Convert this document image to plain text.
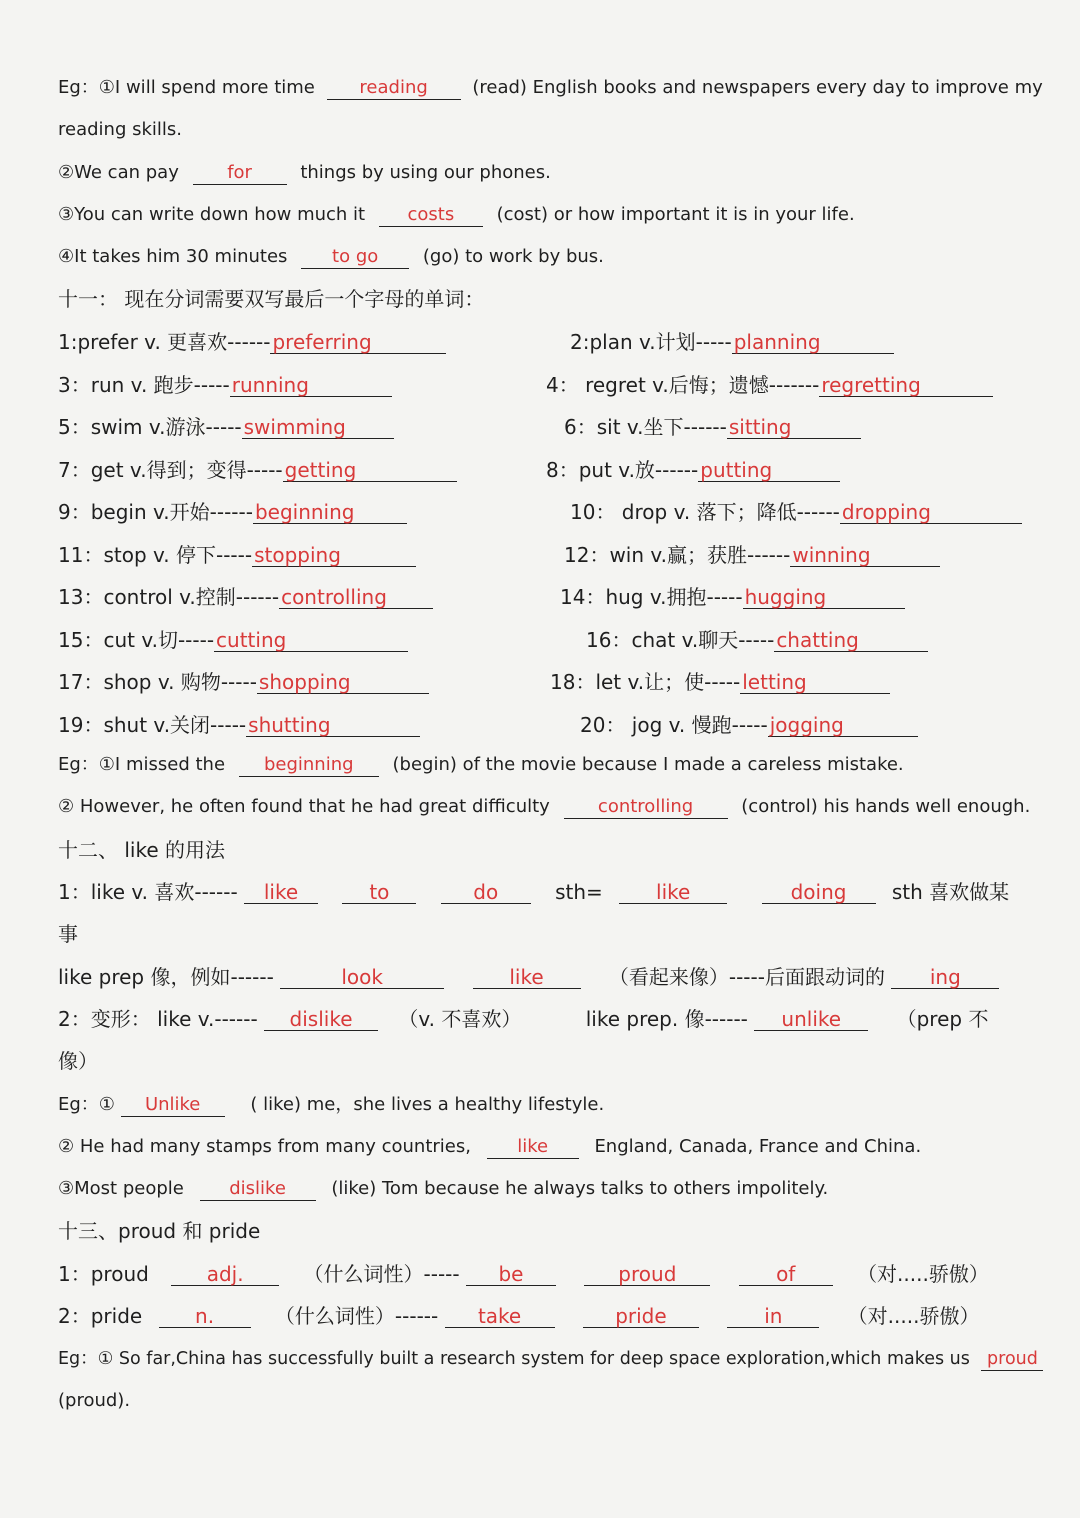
Eg：①I will spend more time reading (read) English books and newspapers every day to improve my
reading skills.
②We can pay	for	things by using our phones.
③You can write down how much it costs (cost) or how important it is in your life.
④It takes him 30 minutes to go (go) to work by bus.
十一： 现在分词需要双写最后一个字母的单词：
1:prefer v. 更喜欢------ preferring	2:plan v.计划----- planning
3：run v. 跑步----- running	4： regret v.后悔；遗憾------- regretting
5：swim v.游泳----- swimming	6：sit v.坐下------ sitting
7：get v.得到；变得----- getting	8：put v.放------ putting
9：begin v.开始------ beginning	10： drop v. 落下；降低------ dropping
11：stop v. 停下----- stopping	12：win v.赢；获胜------ winning
13：control v.控制------ controlling	14：hug v.拥抱----- hugging
15：cut v.切----- cutting	16：chat v.聊天----- chatting
17：shop v. 购物----- shopping	18：let v.让；使----- letting
19：shut v.关闭----- shutting	20： jog v. 慢跑----- jogging
Eg：①I missed the beginning (begin) of the movie because I made a careless mistake.
② However, he often found that he had great difficulty	controlling	(control) his hands well enough.
十二、 like 的用法
1：like v. 喜欢------ like	to	do	sth=	like	doing sth 喜欢做某
事
like prep 像，例如------	look	like	（看起来像）-----后面跟动词的 ing
2：变形： like v.------ dislike （v. 不喜欢）	like prep. 像------ unlike	（prep 不
像）
Eg：① Unlike	( like) me，she lives a healthy lifestyle.
② He had many stamps from many countries,	like	England, Canada, France and China.
③Most people	dislike	(like) Tom because he always talks to others impolitely.
十三、proud 和 pride
1：proud	adj.	（什么词性）----- be	proud	of	（对.....骄傲）
2：pride	n.	（什么词性）------ take	pride	in	（对.....骄傲）
Eg：① So far,China has successfully built a research system for deep space exploration,which makes us proud
(proud).
